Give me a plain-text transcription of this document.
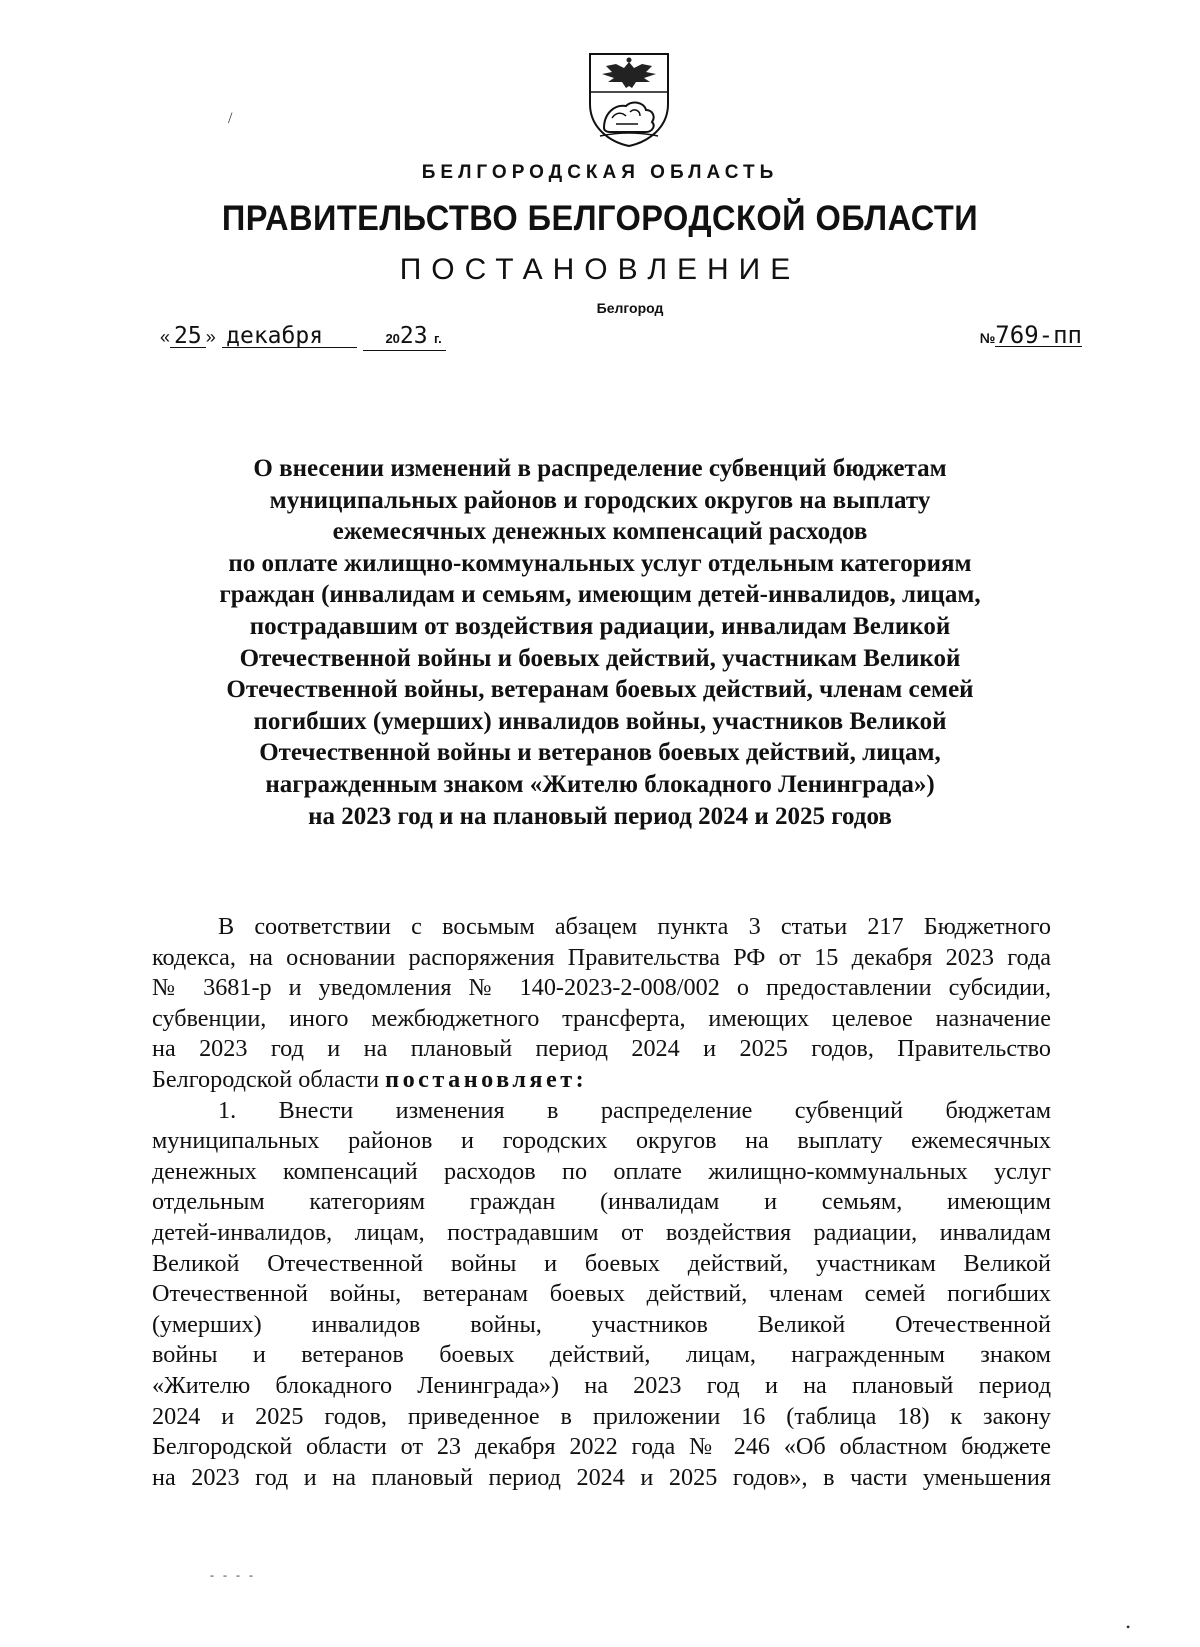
БЕЛГОРОДСКАЯ ОБЛАСТЬ
ПРАВИТЕЛЬСТВО БЕЛГОРОДСКОЙ ОБЛАСТИ
ПОСТАНОВЛЕНИЕ
Белгород
« 25 » декабря	2023 г.	№769-пп
О внесении изменений в распределение субвенций бюджетам
муниципальных районов и городских округов на выплату
ежемесячных денежных компенсаций расходов
по оплате жилищно-коммунальных услуг отдельным категориям
граждан (инвалидам и семьям, имеющим детей-инвалидов, лицам,
пострадавшим от воздействия радиации, инвалидам Великой
Отечественной войны и боевых действий, участникам Великой
Отечественной войны, ветеранам боевых действий, членам семей
погибших (умерших) инвалидов войны, участников Великой
Отечественной войны и ветеранов боевых действий, лицам,
награжденным знаком «Жителю блокадного Ленинграда»)
на 2023 год и на плановый период 2024 и 2025 годов
В соответствии с восьмым абзацем пункта 3 статьи 217 Бюджетного
кодекса, на основании распоряжения Правительства РФ от 15 декабря 2023 года
№ 3681-р и уведомления № 140-2023-2-008/002 о предоставлении субсидии,
субвенции, иного межбюджетного трансферта, имеющих целевое назначение
на 2023 год и на плановый период 2024 и 2025 годов, Правительство
Белгородской области постановляет:
1. Внести изменения в распределение субвенций бюджетам
муниципальных районов и городских округов на выплату ежемесячных
денежных компенсаций расходов по оплате жилищно-коммунальных услуг
отдельным категориям граждан (инвалидам и семьям, имеющим
детей-инвалидов, лицам, пострадавшим от воздействия радиации, инвалидам
Великой Отечественной войны и боевых действий, участникам Великой
Отечественной войны, ветеранам боевых действий, членам семей погибших
(умерших) инвалидов войны, участников Великой Отечественной
войны и ветеранов боевых действий, лицам, награжденным знаком
«Жителю блокадного Ленинграда») на 2023 год и на плановый период
2024 и 2025 годов, приведенное в приложении 16 (таблица 18) к закону
Белгородской области от 23 декабря 2022 года № 246 «Об областном бюджете
на 2023 год и на плановый период 2024 и 2025 годов», в части уменьшения
/
•
- - - -
